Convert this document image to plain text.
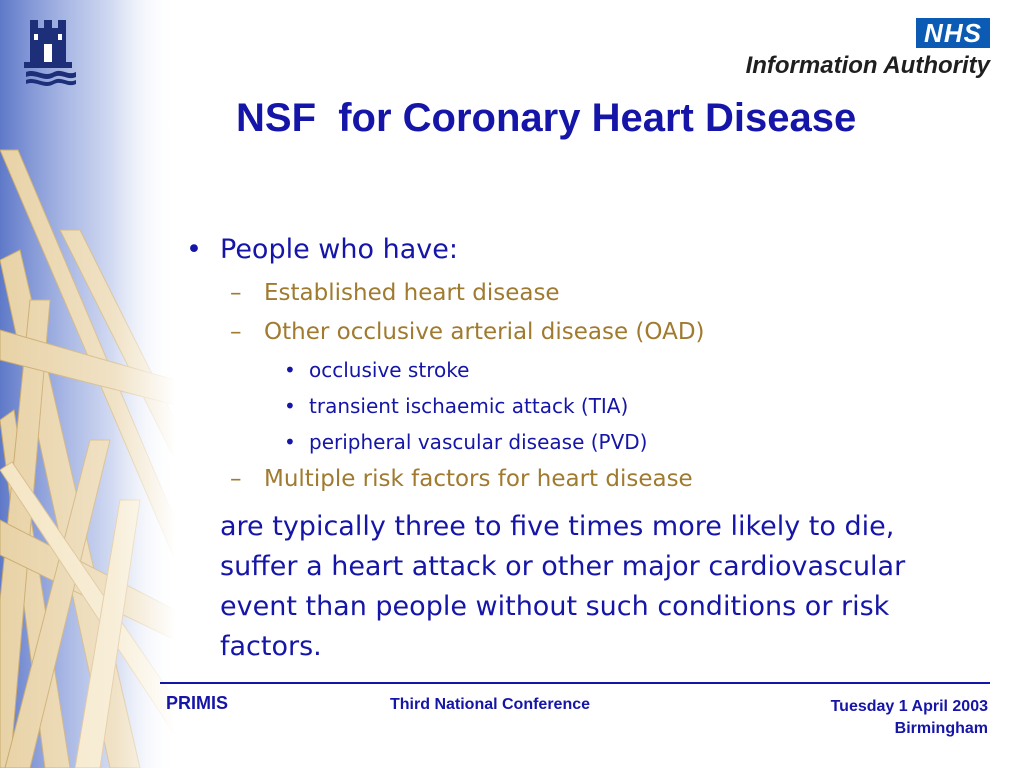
NHS
Information Authority
NSF  for Coronary Heart Disease
• People who have:
– Established heart disease
– Other occlusive arterial disease (OAD)
• occlusive stroke
• transient ischaemic attack (TIA)
• peripheral vascular disease (PVD)
– Multiple risk factors for heart disease
are typically three to five times more likely to die, suffer a heart attack or other major cardiovascular event than people without such conditions or risk factors.
PRIMIS	Third National Conference	Tuesday 1 April 2003
Birmingham
